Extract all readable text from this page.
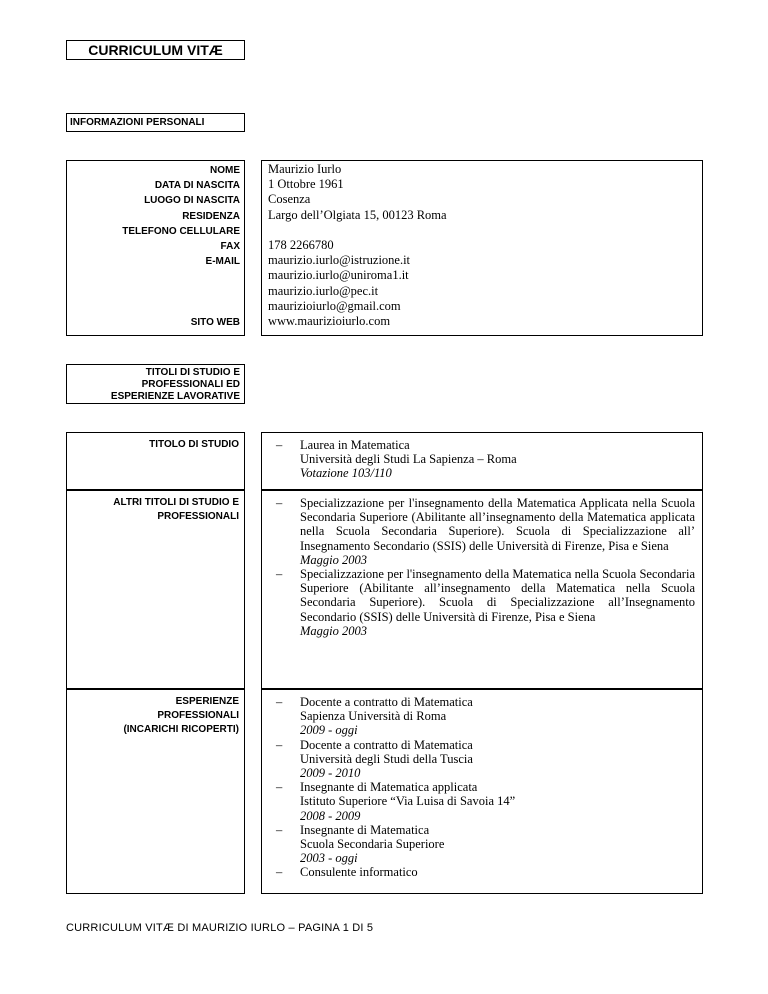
CURRICULUM VITÆ
INFORMAZIONI PERSONALI
NOME
DATA DI NASCITA
LUOGO DI NASCITA
RESIDENZA
TELEFONO CELLULARE
FAX
E-MAIL
SITO WEB
Maurizio Iurlo
1 Ottobre 1961
Cosenza
Largo dell’Olgiata 15, 00123 Roma
178 2266780
maurizio.iurlo@istruzione.it
maurizio.iurlo@uniroma1.it
maurizio.iurlo@pec.it
maurizioiurlo@gmail.com
www.maurizioiurlo.com
TITOLI DI STUDIO E
PROFESSIONALI ED
ESPERIENZE LAVORATIVE
TITOLO DI STUDIO
–	Laurea in Matematica
Università degli Studi La Sapienza – Roma
Votazione 103/110
ALTRI TITOLI DI STUDIO E
PROFESSIONALI
– Specializzazione per l'insegnamento della Matematica Applicata nella Scuola Secondaria Superiore (Abilitante all’insegnamento della Matematica applicata nella Scuola Secondaria Superiore). Scuola di Specializzazione all’ Insegnamento Secondario (SSIS) delle Università di Firenze, Pisa e Siena
Maggio 2003
– Specializzazione per l'insegnamento della Matematica nella Scuola Secondaria Superiore (Abilitante all’insegnamento della Matematica nella Scuola Secondaria Superiore). Scuola di Specializzazione all’Insegnamento Secondario (SSIS) delle Università di Firenze, Pisa e Siena
Maggio 2003
ESPERIENZE
PROFESSIONALI
(INCARICHI RICOPERTI)
– Docente a contratto di Matematica
Sapienza Università di Roma
2009 - oggi
– Docente a contratto di Matematica
Università degli Studi della Tuscia
2009 - 2010
– Insegnante di Matematica applicata
Istituto Superiore “Via Luisa di Savoia 14”
2008 - 2009
– Insegnante di Matematica
Scuola Secondaria Superiore
2003 - oggi
– Consulente informatico
CURRICULUM VITÆ DI MAURIZIO IURLO – PAGINA 1 DI 5
